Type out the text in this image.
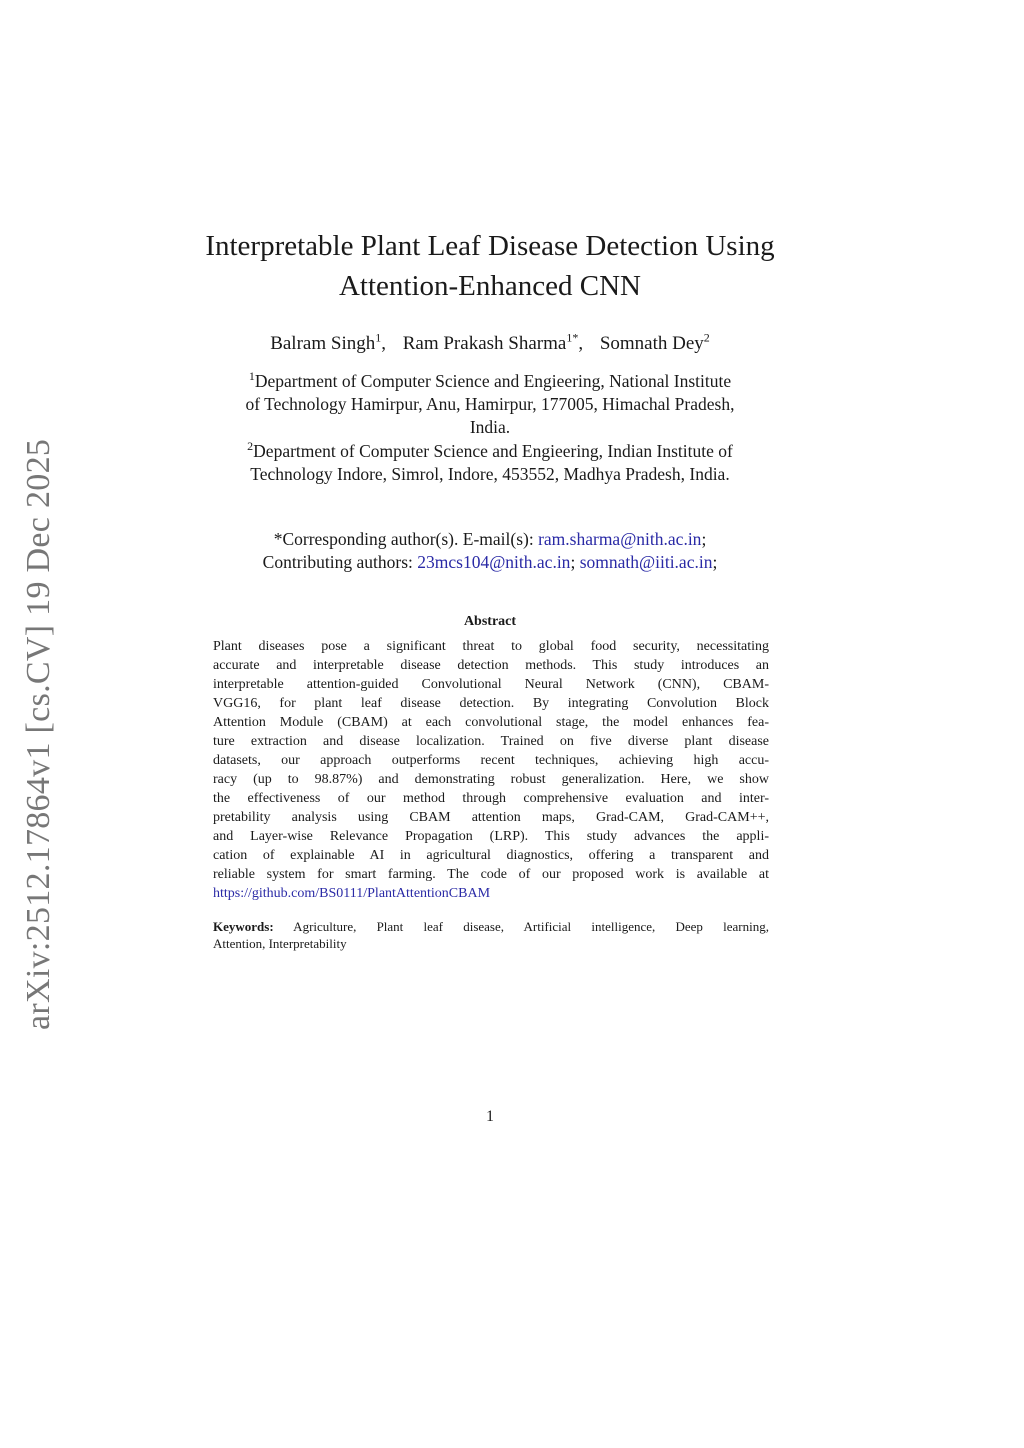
arXiv:2512.17864v1 [cs.CV] 19 Dec 2025
Interpretable Plant Leaf Disease Detection Using
Attention-Enhanced CNN
Balram Singh$^1$, Ram Prakash Sharma$^{1*}$, Somnath Dey$^2$
$^1$Department of Computer Science and Engieering, National Institute
of Technology Hamirpur, Anu, Hamirpur, 177005, Himachal Pradesh,
India.
$^2$Department of Computer Science and Engieering, Indian Institute of
Technology Indore, Simrol, Indore, 453552, Madhya Pradesh, India.
*Corresponding author(s). E-mail(s): ram.sharma@nith.ac.in;
Contributing authors: 23mcs104@nith.ac.in; somnath@iiti.ac.in;
Abstract
Plant diseases pose a significant threat to global food security, necessitating
accurate and interpretable disease detection methods. This study introduces an
interpretable attention-guided Convolutional Neural Network (CNN), CBAM-
VGG16, for plant leaf disease detection. By integrating Convolution Block
Attention Module (CBAM) at each convolutional stage, the model enhances fea-
ture extraction and disease localization. Trained on five diverse plant disease
datasets, our approach outperforms recent techniques, achieving high accu-
racy (up to 98.87%) and demonstrating robust generalization. Here, we show
the effectiveness of our method through comprehensive evaluation and inter-
pretability analysis using CBAM attention maps, Grad-CAM, Grad-CAM++,
and Layer-wise Relevance Propagation (LRP). This study advances the appli-
cation of explainable AI in agricultural diagnostics, offering a transparent and
reliable system for smart farming. The code of our proposed work is available at
https://github.com/BS0111/PlantAttentionCBAM
Keywords: Agriculture, Plant leaf disease, Artificial intelligence, Deep learning,
Attention, Interpretability
1
